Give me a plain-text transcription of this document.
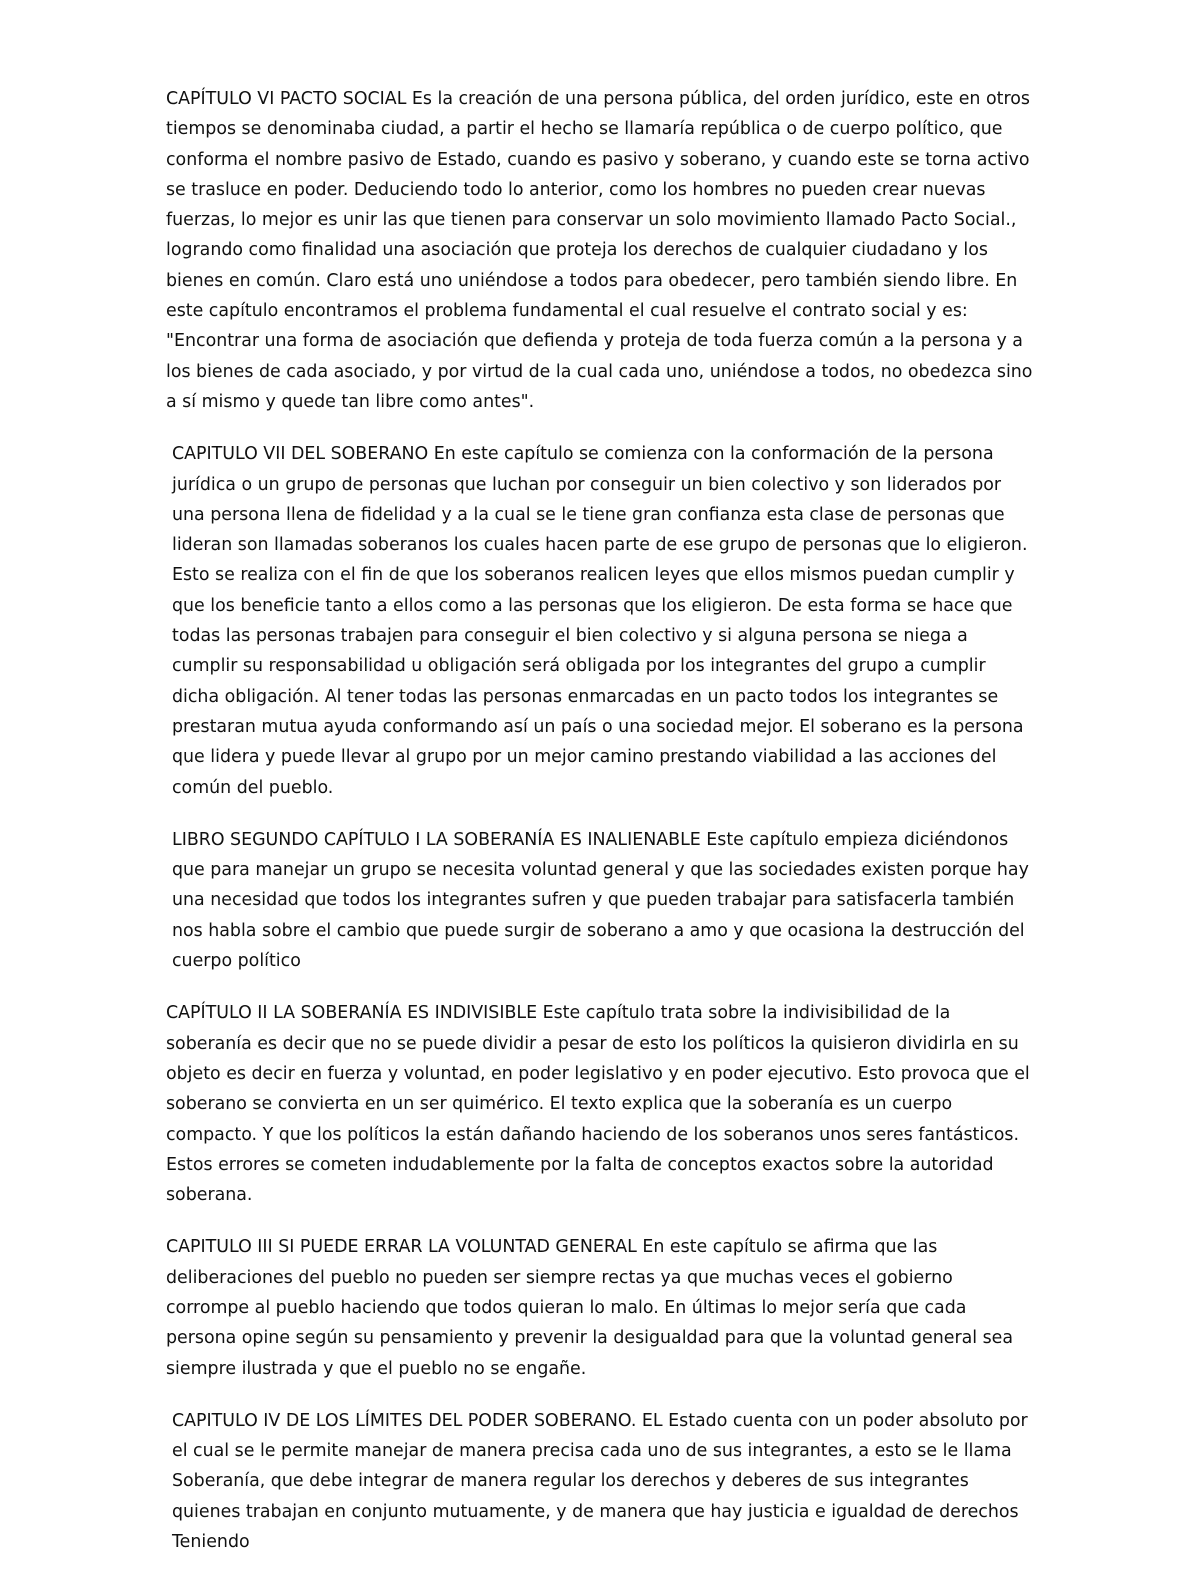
CAPÍTULO VI PACTO SOCIAL Es la creación de una persona pública, del orden jurídico, este en otros tiempos se denominaba ciudad, a partir el hecho se llamaría república o de cuerpo político, que conforma el nombre pasivo de Estado, cuando es pasivo y soberano, y cuando este se torna activo se trasluce en poder. Deduciendo todo lo anterior, como los hombres no pueden crear nuevas fuerzas, lo mejor es unir las que tienen para conservar un solo movimiento llamado Pacto Social., logrando como finalidad una asociación que proteja los derechos de cualquier ciudadano y los bienes en común. Claro está uno uniéndose a todos para obedecer, pero también siendo libre. En este capítulo encontramos el problema fundamental el cual resuelve el contrato social y es: "Encontrar una forma de asociación que defienda y proteja de toda fuerza común a la persona y a los bienes de cada asociado, y por virtud de la cual cada uno, uniéndose a todos, no obedezca sino a sí mismo y quede tan libre como antes".

CAPITULO VII DEL SOBERANO En este capítulo se comienza con la conformación de la persona jurídica o un grupo de personas que luchan por conseguir un bien colectivo y son liderados por una persona llena de fidelidad y a la cual se le tiene gran confianza esta clase de personas que lideran son llamadas soberanos los cuales hacen parte de ese grupo de personas que lo eligieron. Esto se realiza con el fin de que los soberanos realicen leyes que ellos mismos puedan cumplir y que los beneficie tanto a ellos como a las personas que los eligieron. De esta forma se hace que todas las personas trabajen para conseguir el bien colectivo y si alguna persona se niega a cumplir su responsabilidad u obligación será obligada por los integrantes del grupo a cumplir dicha obligación. Al tener todas las personas enmarcadas en un pacto todos los integrantes se prestaran mutua ayuda conformando así un país o una sociedad mejor. El soberano es la persona que lidera y puede llevar al grupo por un mejor camino prestando viabilidad a las acciones del común del pueblo.

LIBRO SEGUNDO CAPÍTULO I LA SOBERANÍA ES INALIENABLE Este capítulo empieza diciéndonos que para manejar un grupo se necesita voluntad general y que las sociedades existen porque hay una necesidad que todos los integrantes sufren y que pueden trabajar para satisfacerla también nos habla sobre el cambio que puede surgir de soberano a amo y que ocasiona la destrucción del cuerpo político

CAPÍTULO II LA SOBERANÍA ES INDIVISIBLE Este capítulo trata sobre la indivisibilidad de la soberanía es decir que no se puede dividir a pesar de esto los políticos la quisieron dividirla en su objeto es decir en fuerza y voluntad, en poder legislativo y en poder ejecutivo. Esto provoca que el soberano se convierta en un ser quimérico. El texto explica que la soberanía es un cuerpo compacto. Y que los políticos la están dañando haciendo de los soberanos unos seres fantásticos. Estos errores se cometen indudablemente por la falta de conceptos exactos sobre la autoridad soberana.

CAPITULO III SI PUEDE ERRAR LA VOLUNTAD GENERAL En este capítulo se afirma que las deliberaciones del pueblo no pueden ser siempre rectas ya que muchas veces el gobierno corrompe al pueblo haciendo que todos quieran lo malo. En últimas lo mejor sería que cada persona opine según su pensamiento y prevenir la desigualdad para que la voluntad general sea siempre ilustrada y que el pueblo no se engañe.

CAPITULO IV DE LOS LÍMITES DEL PODER SOBERANO. EL Estado cuenta con un poder absoluto por el cual se le permite manejar de manera precisa cada uno de sus integrantes, a esto se le llama Soberanía, que debe integrar de manera regular los derechos y deberes de sus integrantes quienes trabajan en conjunto mutuamente, y de manera que hay justicia e igualdad de derechos Teniendo
